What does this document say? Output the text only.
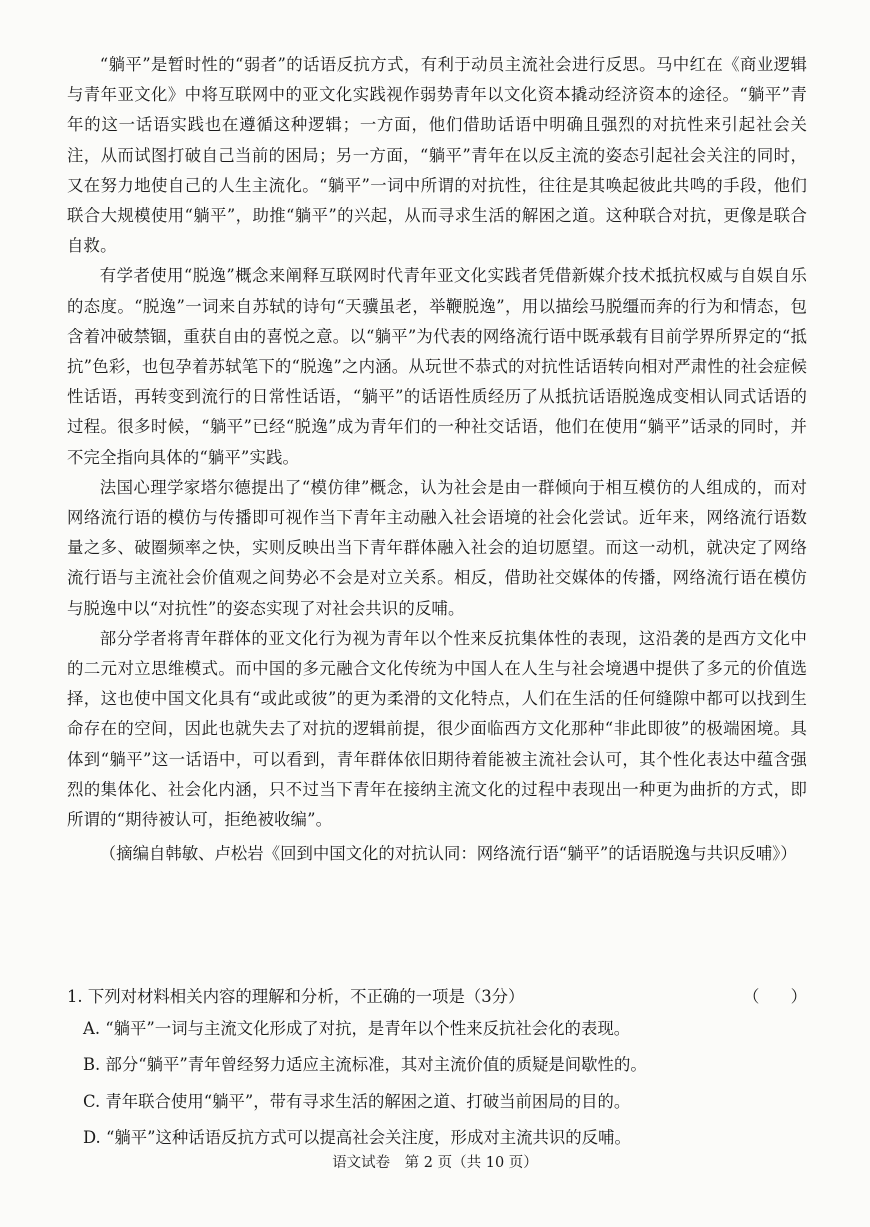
“躺平”是暂时性的“弱者”的话语反抗方式，有利于动员主流社会进行反思。马中红在《商业逻辑与青年亚文化》中将互联网中的亚文化实践视作弱势青年以文化资本撬动经济资本的途径。“躺平”青年的这一话语实践也在遵循这种逻辑；一方面，他们借助话语中明确且强烈的对抗性来引起社会关注，从而试图打破自己当前的困局；另一方面，“躺平”青年在以反主流的姿态引起社会关注的同时，又在努力地使自己的人生主流化。“躺平”一词中所谓的对抗性，往往是其唤起彼此共鸣的手段，他们联合大规模使用“躺平”，助推“躺平”的兴起，从而寻求生活的解困之道。这种联合对抗，更像是联合自救。

有学者使用“脱逸”概念来阐释互联网时代青年亚文化实践者凭借新媒介技术抵抗权威与自娱自乐的态度。“脱逸”一词来自苏轼的诗句“天骥虽老，举鞭脱逸”，用以描绘马脱缰而奔的行为和情态，包含着冲破禁锢，重获自由的喜悦之意。以“躺平”为代表的网络流行语中既承载有目前学界所界定的“抵抗”色彩，也包孕着苏轼笔下的“脱逸”之内涵。从玩世不恭式的对抗性话语转向相对严肃性的社会症候性话语，再转变到流行的日常性话语，“躺平”的话语性质经历了从抵抗话语脱逸成变相认同式话语的过程。很多时候，“躺平”已经“脱逸”成为青年们的一种社交话语，他们在使用“躺平”话录的同时，并不完全指向具体的“躺平”实践。

法国心理学家塔尔德提出了“模仿律”概念，认为社会是由一群倾向于相互模仿的人组成的，而对网络流行语的模仿与传播即可视作当下青年主动融入社会语境的社会化尝试。近年来，网络流行语数量之多、破圈频率之快，实则反映出当下青年群体融入社会的迫切愿望。而这一动机，就决定了网络流行语与主流社会价值观之间势必不会是对立关系。相反，借助社交媒体的传播，网络流行语在模仿与脱逸中以“对抗性”的姿态实现了对社会共识的反哺。

部分学者将青年群体的亚文化行为视为青年以个性来反抗集体性的表现，这沿袭的是西方文化中的二元对立思维模式。而中国的多元融合文化传统为中国人在人生与社会境遇中提供了多元的价值选择，这也使中国文化具有“或此或彼”的更为柔滑的文化特点，人们在生活的任何缝隙中都可以找到生命存在的空间，因此也就失去了对抗的逻辑前提，很少面临西方文化那种“非此即彼”的极端困境。具体到“躺平”这一话语中，可以看到，青年群体依旧期待着能被主流社会认可，其个性化表达中蕴含强烈的集体化、社会化内涵，只不过当下青年在接纳主流文化的过程中表现出一种更为曲折的方式，即所谓的“期待被认可，拒绝被收编”。

（摘编自韩敏、卢松岩《回到中国文化的对抗认同：网络流行语“躺平”的话语脱逸与共识反哺》）

1. 下列对材料相关内容的理解和分析，不正确的一项是（3分）	（      ）

A. “躺平”一词与主流文化形成了对抗，是青年以个性来反抗社会化的表现。
B. 部分“躺平”青年曾经努力适应主流标准，其对主流价值的质疑是间歇性的。
C. 青年联合使用“躺平”，带有寻求生活的解困之道、打破当前困局的目的。
D. “躺平”这种话语反抗方式可以提高社会关注度，形成对主流共识的反哺。
语文试卷　第 2 页（共 10 页）
